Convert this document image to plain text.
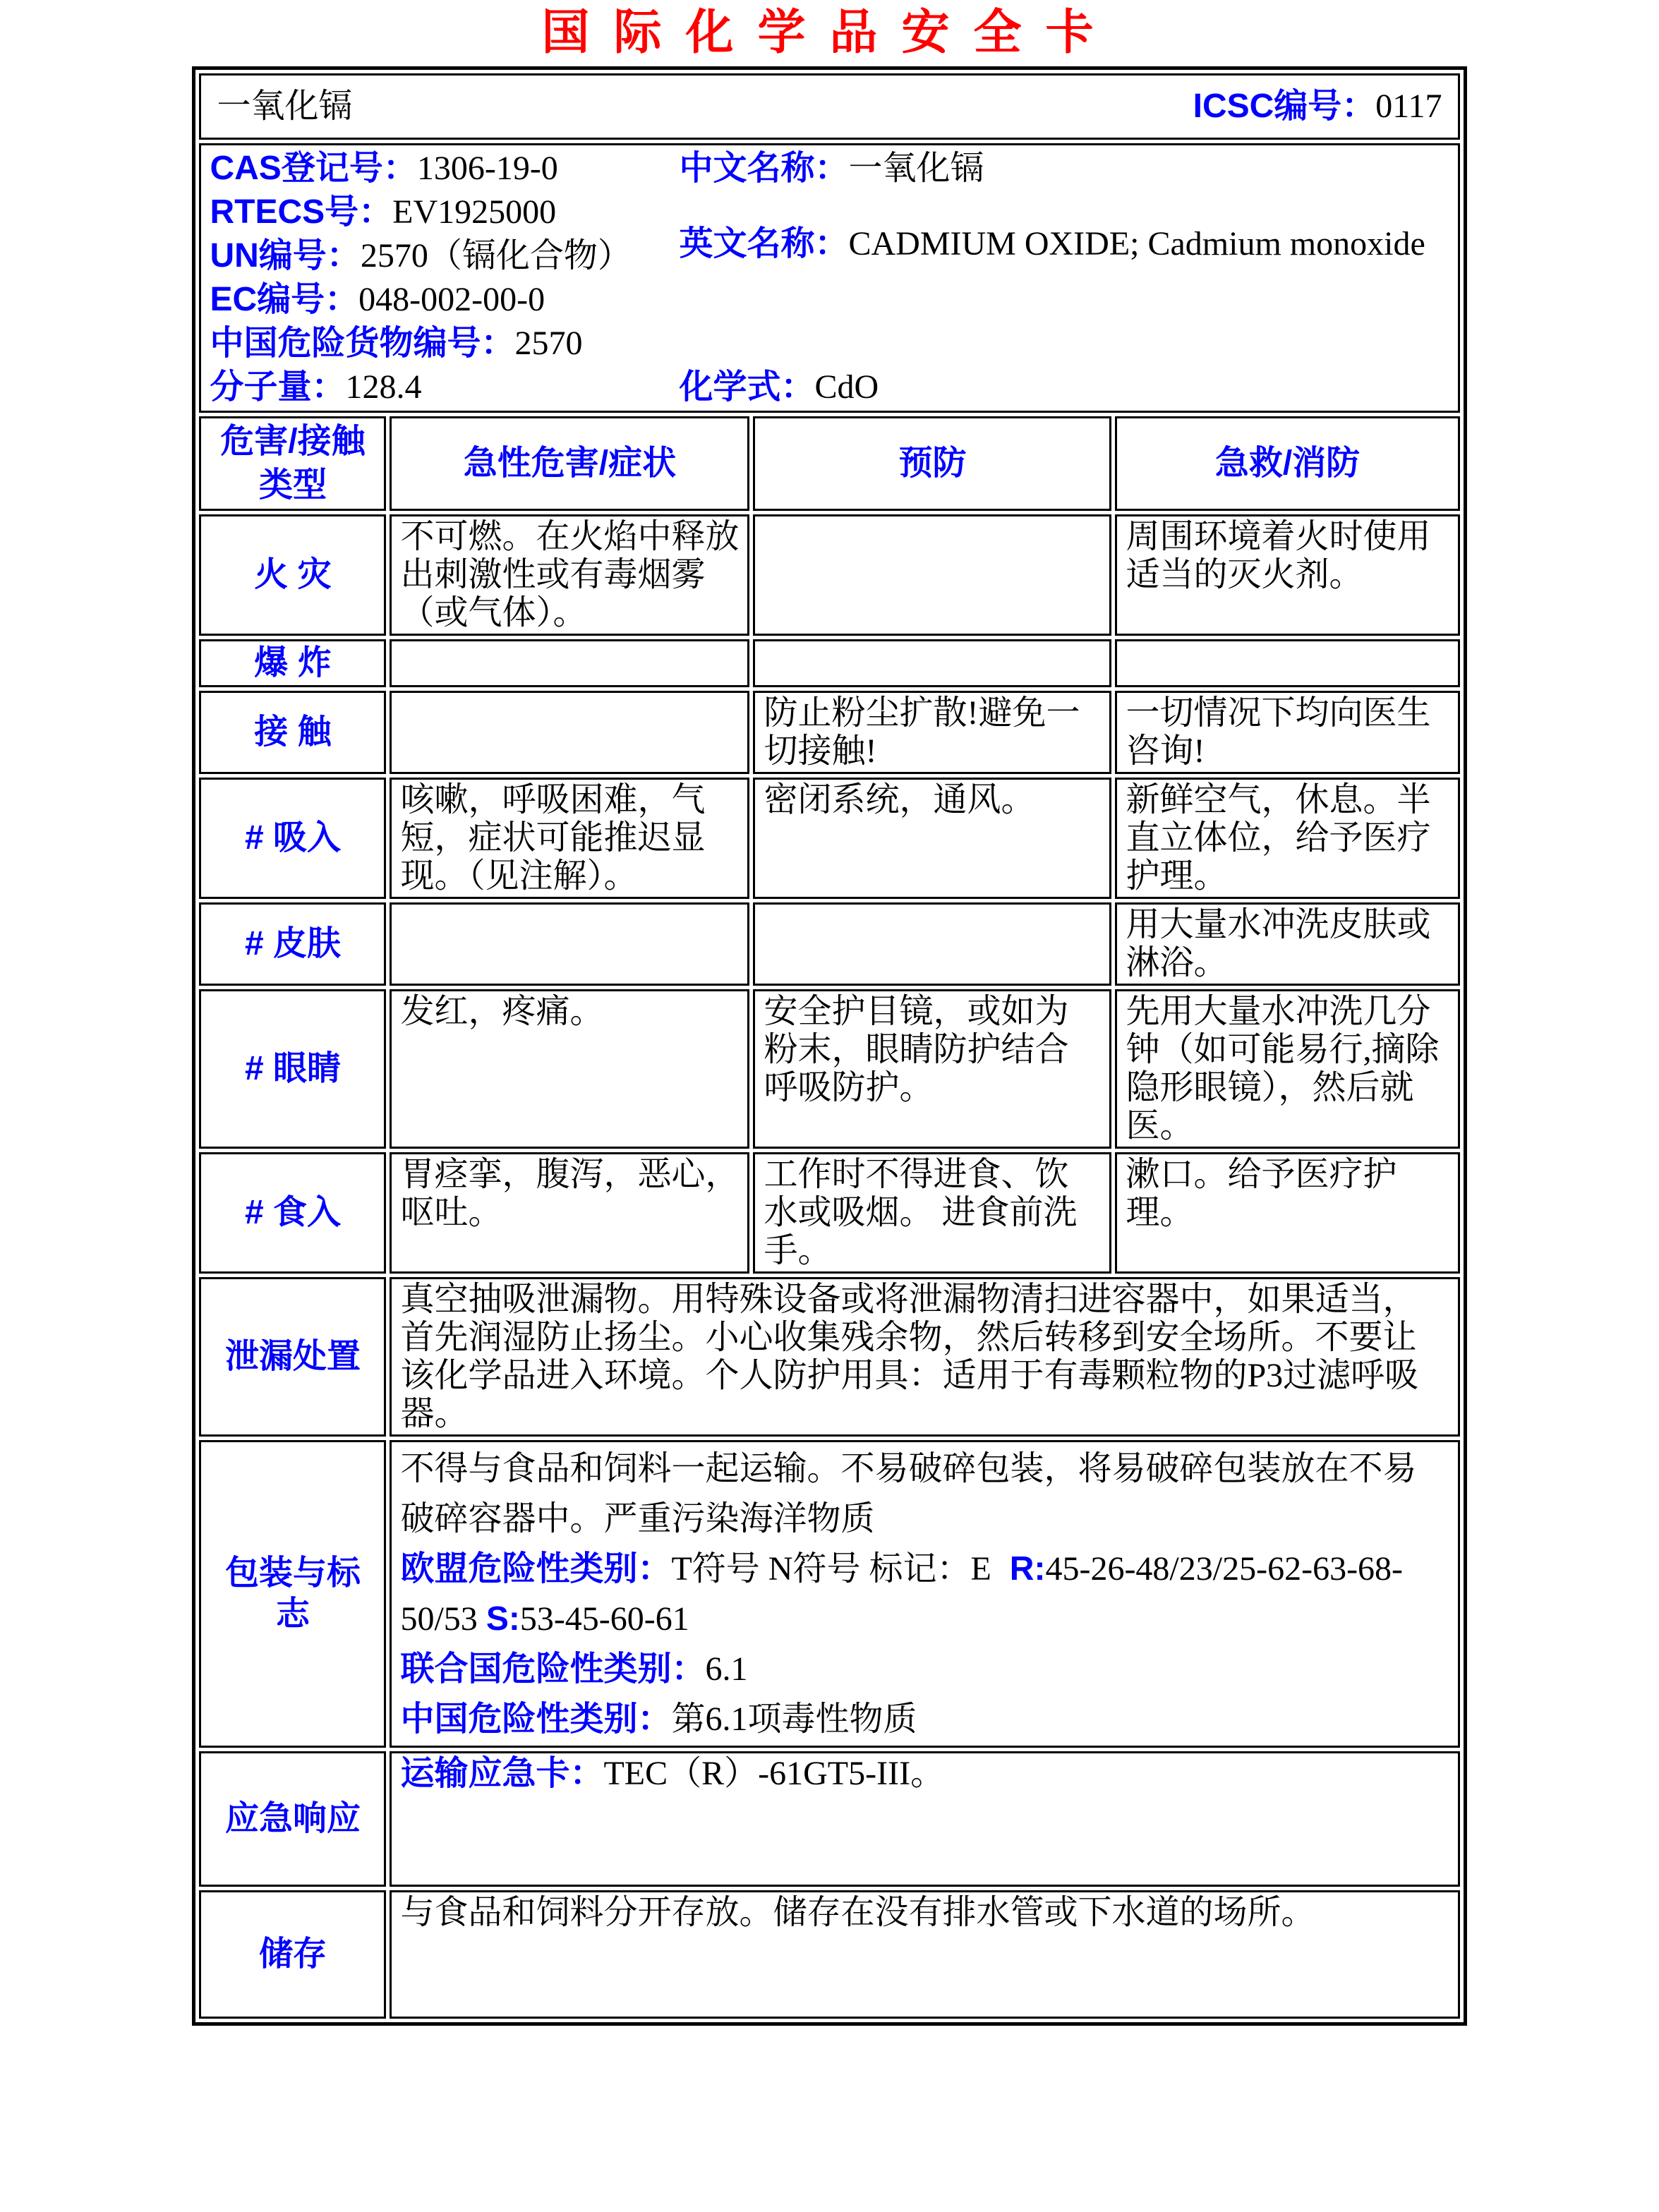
国际化学品安全卡
一氧化镉 ICSC编号：0117			

CAS登记号：1306-19-0
RTECS号：EV1925000
UN编号：2570（镉化合物）
EC编号：048-002-00-0
中国危险货物编号：2570
分子量：128.4
中文名称：一氧化镉
英文名称：CADMIUM OXIDE; Cadmium monoxide
化学式：CdO

危害/接触类型	急性危害/症状	预防	急救/消防
火 灾	不可燃。在火焰中释放出刺激性或有毒烟雾（或气体）。		周围环境着火时使用适当的灭火剂。
爆 炸			
接 触		防止粉尘扩散!避免一切接触!	一切情况下均向医生咨询!
# 吸入	咳嗽，呼吸困难，气短，症状可能推迟显现。（见注解）。	密闭系统，通风。	新鲜空气，休息。半直立体位，给予医疗护理。
# 皮肤			用大量水冲洗皮肤或淋浴。
# 眼睛	发红，疼痛。	安全护目镜，或如为粉末，眼睛防护结合呼吸防护。	先用大量水冲洗几分钟（如可能易行,摘除隐形眼镜），然后就医。
# 食入	胃痉挛，腹泻，恶心，呕吐。	工作时不得进食、饮水或吸烟。 进食前洗手。	漱口。给予医疗护理。
泄漏处置	真空抽吸泄漏物。用特殊设备或将泄漏物清扫进容器中，如果适当，首先润湿防止扬尘。小心收集残余物，然后转移到安全场所。不要让该化学品进入环境。个人防护用具：适用于有毒颗粒物的P3过滤呼吸器。		
包装与标志	不得与食品和饲料一起运输。不易破碎包装，将易破碎包装放在不易破碎容器中。严重污染海洋物质

欧盟危险性类别：T符号 N符号 标记：E R:45-26-48/23/25-62-63-68-50/53 S:53-45-60-61

联合国危险性类别：6.1

中国危险性类别：第6.1项毒性物质		

应急响应	运输应急卡：TEC（R）-61GT5-III。		

储存	与食品和饲料分开存放。储存在没有排水管或下水道的场所。		
